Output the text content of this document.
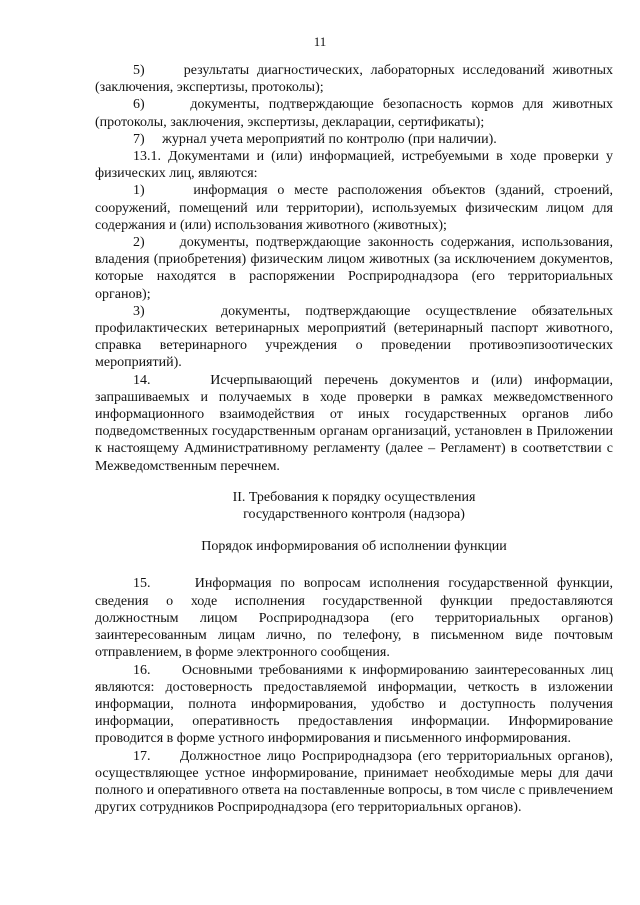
11

5)     результаты диагностических, лабораторных исследований животных (заключения, экспертизы, протоколы);

6)     документы, подтверждающие безопасность кормов для животных (протоколы, заключения, экспертизы, декларации, сертификаты);

7)     журнал учета мероприятий по контролю (при наличии).

13.1. Документами и (или) информацией, истребуемыми в ходе проверки у физических лиц, являются:

1)     информация о месте расположения объектов (зданий, строений, сооружений, помещений или территории), используемых физическим лицом для содержания и (или) использования животного (животных);

2)     документы, подтверждающие законность содержания, использования, владения (приобретения) физическим лицом животных (за исключением документов, которые находятся в распоряжении Росприроднадзора (его территориальных органов);

3)     документы, подтверждающие осуществление обязательных профилактических ветеринарных мероприятий (ветеринарный паспорт животного, справка ветеринарного учреждения о проведении противоэпизоотических мероприятий).

14.     Исчерпывающий перечень документов и (или) информации, запрашиваемых и получаемых в ходе проверки в рамках межведомственного информационного взаимодействия от иных государственных органов либо подведомственных государственным органам организаций, установлен в Приложении к настоящему Административному регламенту (далее – Регламент) в соответствии с Межведомственным перечнем.

II. Требования к порядку осуществления

государственного контроля (надзора)

Порядок информирования об исполнении функции

15.     Информация по вопросам исполнения государственной функции, сведения о ходе исполнения государственной функции предоставляются должностным лицом Росприроднадзора (его территориальных органов) заинтересованным лицам лично, по телефону, в письменном виде почтовым отправлением, в форме электронного сообщения.

16.     Основными требованиями к информированию заинтересованных лиц являются: достоверность предоставляемой информации, четкость в изложении информации, полнота информирования, удобство и доступность получения информации, оперативность предоставления информации. Информирование проводится в форме устного информирования и письменного информирования.

17.     Должностное лицо Росприроднадзора (его территориальных органов), осуществляющее устное информирование, принимает необходимые меры для дачи полного и оперативного ответа на поставленные вопросы, в том числе с привлечением других сотрудников Росприроднадзора (его территориальных органов).
